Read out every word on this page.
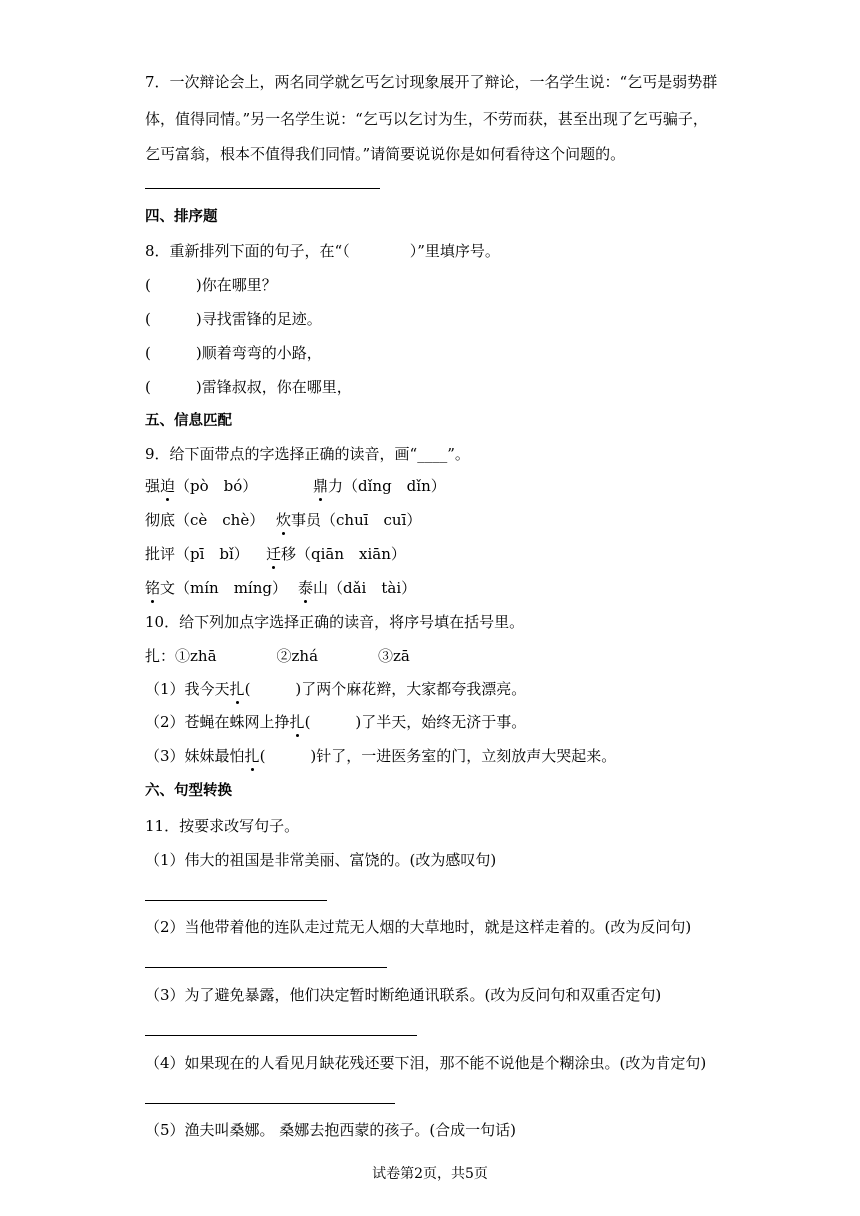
7．一次辩论会上，两名同学就乞丐乞讨现象展开了辩论，一名学生说：“乞丐是弱势群
体，值得同情。”另一名学生说：“乞丐以乞讨为生，不劳而获，甚至出现了乞丐骗子，
乞丐富翁，根本不值得我们同情。”请简要说说你是如何看待这个问题的。
四、排序题
8．重新排列下面的句子，在“（　　　　）”里填序号。
(　　　)你在哪里？
(　　　)寻找雷锋的足迹。
(　　　)顺着弯弯的小路，
(　　　)雷锋叔叔，你在哪里，
五、信息匹配
9．给下面带点的字选择正确的读音，画“____”。
强迫（pò　bó）	鼎力（dǐng　dǐn）
彻底（cè　chè） 炊事员（chuī　cuī）
批评（pī　bǐ） 迁移（qiān　xiān）
铭文（mín　míng） 泰山（dǎi　tài）
10．给下列加点字选择正确的读音，将序号填在括号里。
扎：①zhā　　　　②zhá　　　　③zā
（1）我今天扎(　　　)了两个麻花辫，大家都夸我漂亮。
（2）苍蝇在蛛网上挣扎(　　　)了半天，始终无济于事。
（3）妹妹最怕扎(　　　)针了，一进医务室的门，立刻放声大哭起来。
六、句型转换
11．按要求改写句子。
（1）伟大的祖国是非常美丽、富饶的。(改为感叹句)
（2）当他带着他的连队走过荒无人烟的大草地时，就是这样走着的。(改为反问句)
（3）为了避免暴露，他们决定暂时断绝通讯联系。(改为反问句和双重否定句)
（4）如果现在的人看见月缺花残还要下泪，那不能不说他是个糊涂虫。(改为肯定句)
（5）渔夫叫桑娜。 桑娜去抱西蒙的孩子。(合成一句话)
试卷第2页，共5页
